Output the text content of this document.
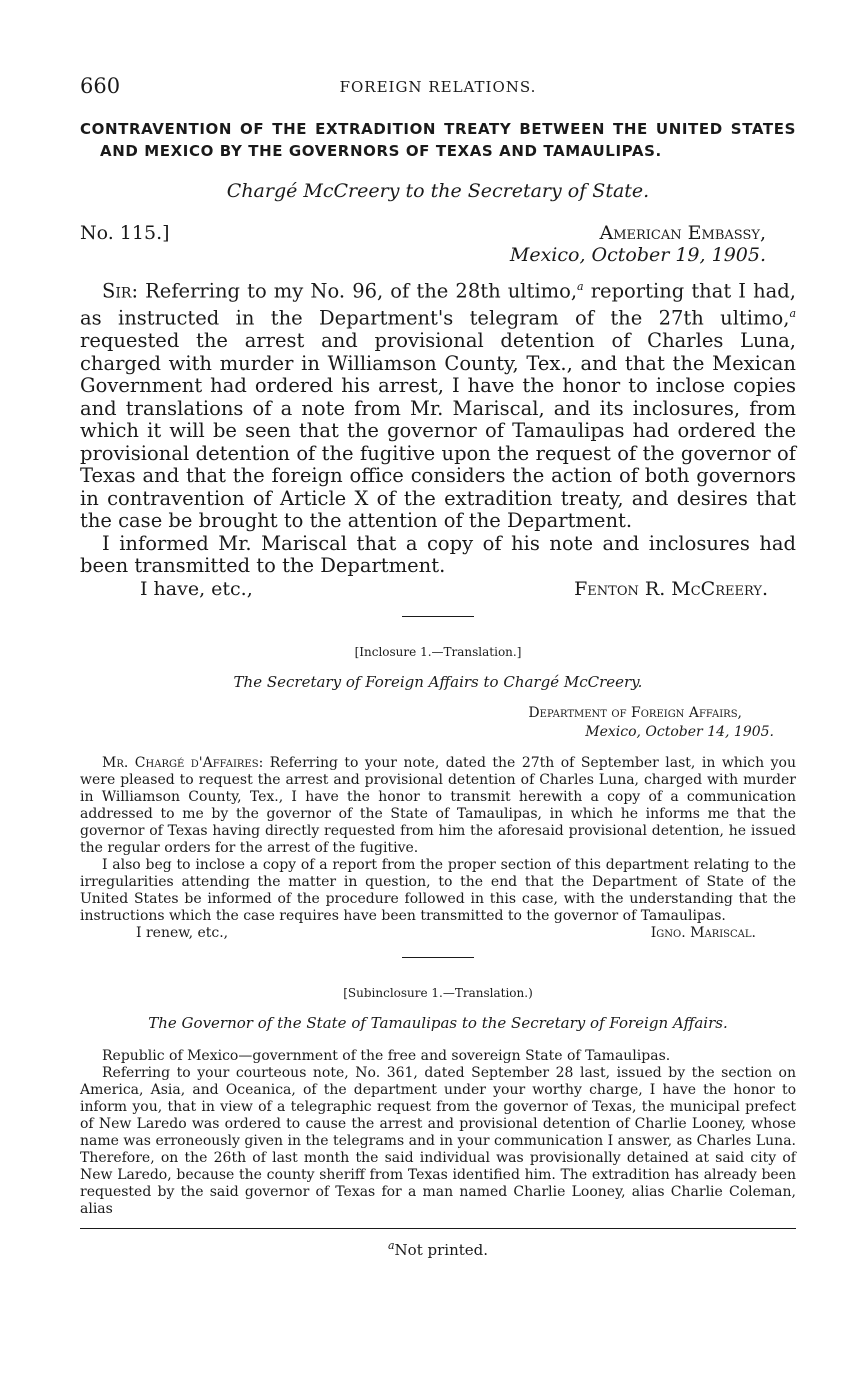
660	FOREIGN RELATIONS.
CONTRAVENTION OF THE EXTRADITION TREATY BETWEEN THE UNITED STATES AND MEXICO BY THE GOVERNORS OF TEXAS AND TAMAULIPAS.
Chargé McCreery to the Secretary of State.
No. 115.]	American Embassy,
Mexico, October 19, 1905.

Sir: Referring to my No. 96, of the 28th ultimo,$^a$ reporting that I had, as instructed in the Department's telegram of the 27th ultimo,$^a$ requested the arrest and provisional detention of Charles Luna, charged with murder in Williamson County, Tex., and that the Mexican Government had ordered his arrest, I have the honor to inclose copies and translations of a note from Mr. Mariscal, and its inclosures, from which it will be seen that the governor of Tamaulipas had ordered the provisional detention of the fugitive upon the request of the governor of Texas and that the foreign office considers the action of both governors in contravention of Article X of the extradition treaty, and desires that the case be brought to the attention of the Department.

I informed Mr. Mariscal that a copy of his note and inclosures had been transmitted to the Department.

I have, etc.,	Fenton R. McCreery.
[Inclosure 1.—Translation.]
The Secretary of Foreign Affairs to Chargé McCreery.
Department of Foreign Affairs,
Mexico, October 14, 1905.

Mr. Chargé d'Affaires: Referring to your note, dated the 27th of September last, in which you were pleased to request the arrest and provisional detention of Charles Luna, charged with murder in Williamson County, Tex., I have the honor to transmit herewith a copy of a communication addressed to me by the governor of the State of Tamaulipas, in which he informs me that the governor of Texas having directly requested from him the aforesaid provisional detention, he issued the regular orders for the arrest of the fugitive.

I also beg to inclose a copy of a report from the proper section of this department relating to the irregularities attending the matter in question, to the end that the Department of State of the United States be informed of the procedure followed in this case, with the understanding that the instructions which the case requires have been transmitted to the governor of Tamaulipas.

I renew, etc.,	Igno. Mariscal.
[Subinclosure 1.—Translation.)
The Governor of the State of Tamaulipas to the Secretary of Foreign Affairs.

Republic of Mexico—government of the free and sovereign State of Tamaulipas.

Referring to your courteous note, No. 361, dated September 28 last, issued by the section on America, Asia, and Oceanica, of the department under your worthy charge, I have the honor to inform you, that in view of a telegraphic request from the governor of Texas, the municipal prefect of New Laredo was ordered to cause the arrest and provisional detention of Charlie Looney, whose name was erroneously given in the telegrams and in your communication I answer, as Charles Luna. Therefore, on the 26th of last month the said individual was provisionally detained at said city of New Laredo, because the county sheriff from Texas identified him. The extradition has already been requested by the said governor of Texas for a man named Charlie Looney, alias Charlie Coleman, alias

$^a$Not printed.
